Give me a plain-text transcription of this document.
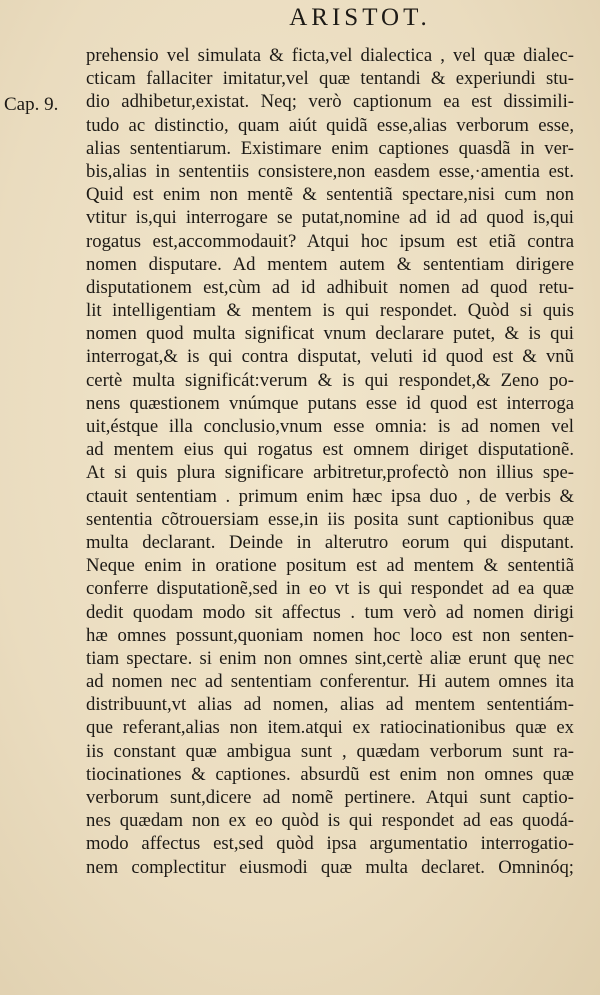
ARISTOT.
Cap. 9.
prehensio vel simulata & ficta,vel dialectica , vel quæ dialec-
cticam fallaciter imitatur,vel quæ tentandi & experiundi stu-
dio adhibetur,existat. Neq; verò captionum ea est dissimili-
tudo ac distinctio, quam aiút quidã esse,alias verborum esse,
alias sententiarum. Existimare enim captiones quasdã in ver-
bis,alias in sententiis consistere,non easdem esse,·amentia est.
Quid est enim non mentẽ & sententiã spectare,nisi cum non
vtitur is,qui interrogare se putat,nomine ad id ad quod is,qui
rogatus est,accommodauit? Atqui hoc ipsum est etiã contra
nomen disputare. Ad mentem autem & sententiam dirigere
disputationem est,cùm ad id adhibuit nomen ad quod retu-
lit intelligentiam & mentem is qui respondet. Quòd si quis
nomen quod multa significat vnum declarare putet, & is qui
interrogat,& is qui contra disputat, veluti id quod est & vnũ
certè multa significát:verum & is qui respondet,& Zeno po-
nens quæstionem vnúmque putans esse id quod est interroga
uit,éstque illa conclusio,vnum esse omnia: is ad nomen vel
ad mentem eius qui rogatus est omnem diriget disputationẽ.
At si quis plura significare arbitretur,profectò non illius spe-
ctauit sententiam . primum enim hæc ipsa duo , de verbis &
sententia cõtrouersiam esse,in iis posita sunt captionibus quæ
multa declarant. Deinde in alterutro eorum qui disputant.
Neque enim in oratione positum est ad mentem & sententiã
conferre disputationẽ,sed in eo vt is qui respondet ad ea quæ
dedit quodam modo sit affectus . tum verò ad nomen dirigi
hæ omnes possunt,quoniam nomen hoc loco est non senten-
tiam spectare. si enim non omnes sint,certè aliæ erunt quę nec
ad nomen nec ad sententiam conferentur. Hi autem omnes ita
distribuunt,vt alias ad nomen, alias ad mentem sententiám-
que referant,alias non item.atqui ex ratiocinationibus quæ ex
iis constant quæ ambigua sunt , quædam verborum sunt ra-
tiocinationes & captiones. absurdũ est enim non omnes quæ
verborum sunt,dicere ad nomẽ pertinere. Atqui sunt captio-
nes quædam non ex eo quòd is qui respondet ad eas quodá-
modo affectus est,sed quòd ipsa argumentatio interrogatio-
nem complectitur eiusmodi quæ multa declaret. Omninóq;
